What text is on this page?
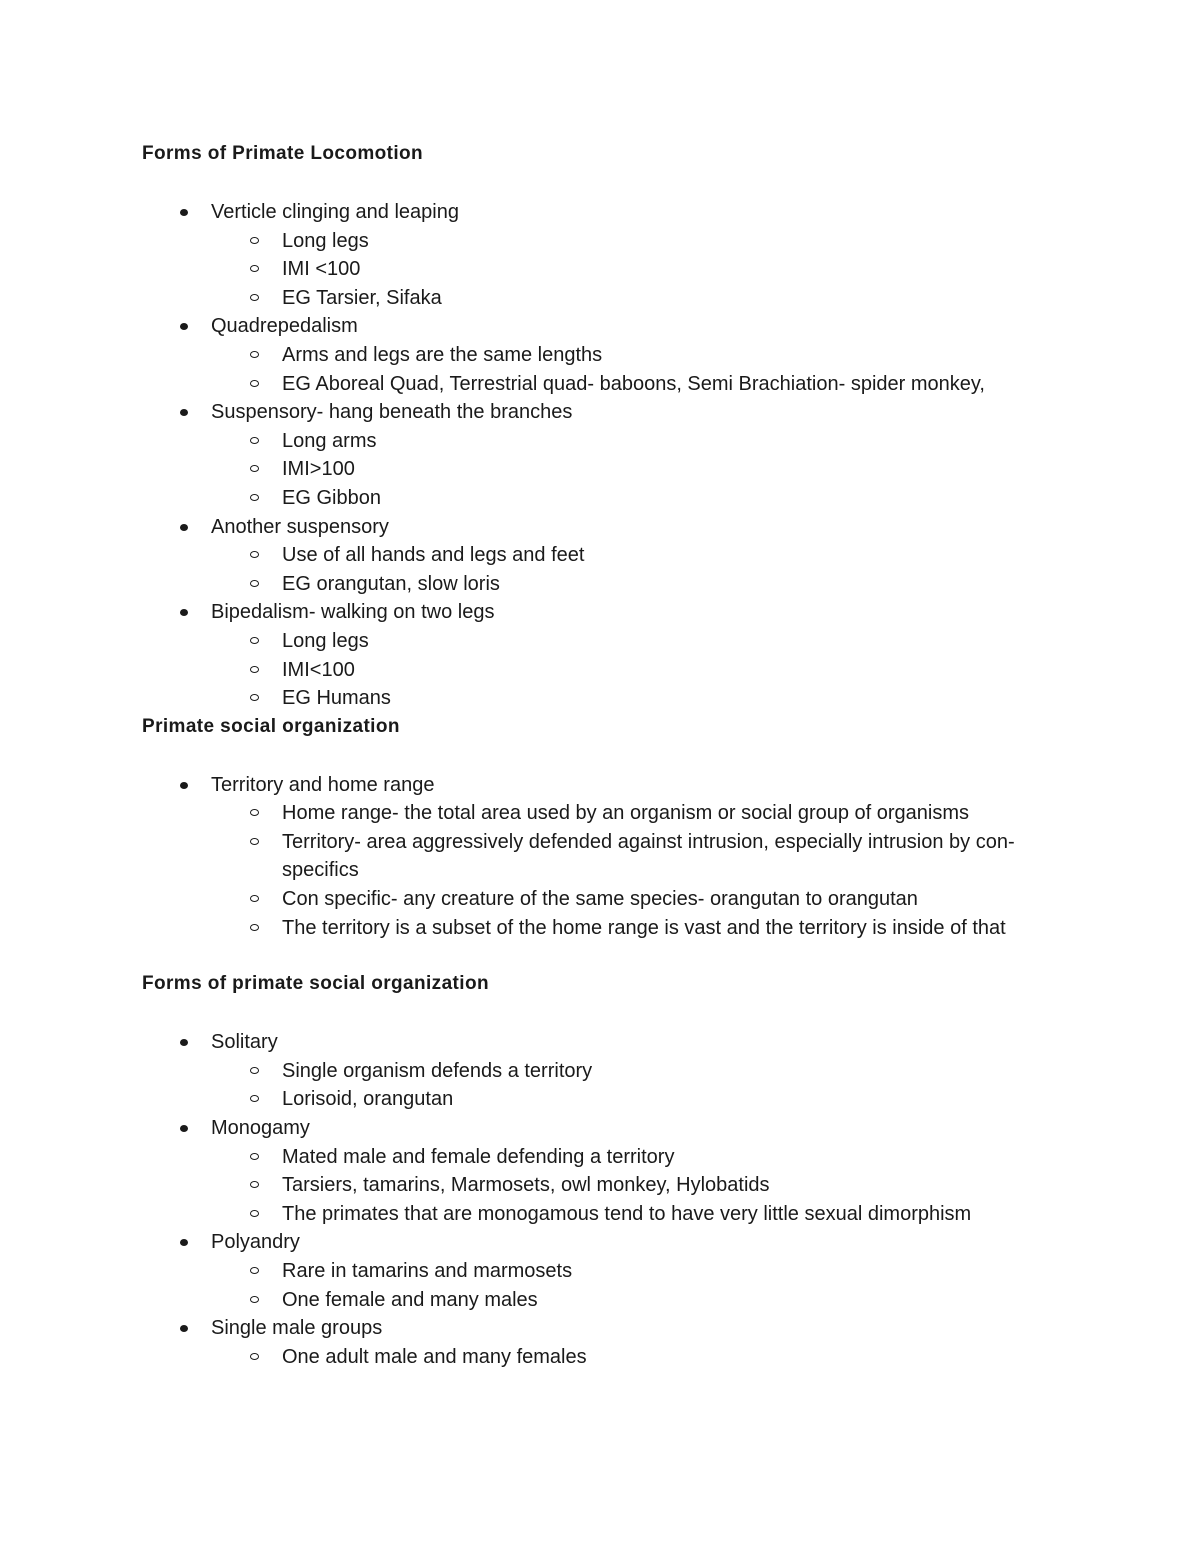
Forms of Primate Locomotion
Verticle clinging and leaping
Long legs
IMI <100
EG Tarsier, Sifaka
Quadrepedalism
Arms and legs are the same lengths
EG Aboreal Quad, Terrestrial quad- baboons, Semi Brachiation- spider monkey,
Suspensory- hang beneath the branches
Long arms
IMI>100
EG Gibbon
Another suspensory
Use of all hands and legs and feet
EG orangutan, slow loris
Bipedalism- walking on two legs
Long legs
IMI<100
EG Humans
Primate social organization
Territory and home range
Home range- the total area used by an organism or social group of organisms
Territory- area aggressively defended against intrusion, especially intrusion by con-specifics
Con specific- any creature of the same species- orangutan to orangutan
The territory is a subset of the home range is vast and the territory is inside of that
Forms of primate social organization
Solitary
Single organism defends a territory
Lorisoid, orangutan
Monogamy
Mated male and female defending a territory
Tarsiers, tamarins, Marmosets, owl monkey, Hylobatids
The primates that are monogamous tend to have very little sexual dimorphism
Polyandry
Rare in tamarins and marmosets
One female and many males
Single male groups
One adult male and many females
